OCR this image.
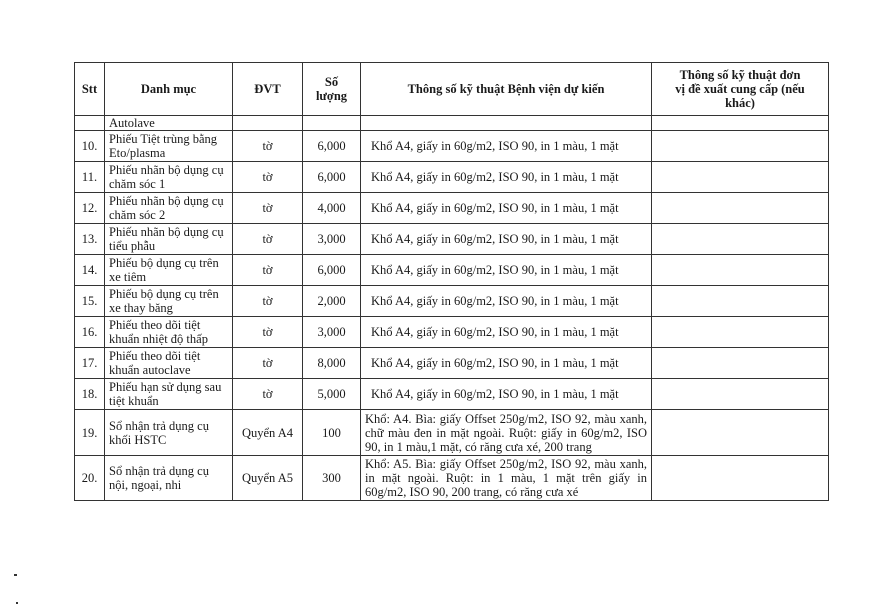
Stt	Danh mục	ĐVT	Số lượng	Thông số kỹ thuật Bệnh viện dự kiến	Thông số kỹ thuật đơn vị đề xuất cung cấp (nếu khác)
	Autolave				
10.	Phiếu Tiệt trùng bằng Eto/plasma	tờ	6,000	Khổ A4, giấy in 60g/m2, ISO 90, in 1 màu, 1 mặt	
11.	Phiếu nhãn bộ dụng cụ chăm sóc 1	tờ	6,000	Khổ A4, giấy in 60g/m2, ISO 90, in 1 màu, 1 mặt	
12.	Phiếu nhãn bộ dụng cụ chăm sóc 2	tờ	4,000	Khổ A4, giấy in 60g/m2, ISO 90, in 1 màu, 1 mặt	
13.	Phiếu nhãn bộ dụng cụ tiểu phẫu	tờ	3,000	Khổ A4, giấy in 60g/m2, ISO 90, in 1 màu, 1 mặt	
14.	Phiếu bộ dụng cụ trên xe tiêm	tờ	6,000	Khổ A4, giấy in 60g/m2, ISO 90, in 1 màu, 1 mặt	
15.	Phiếu bộ dụng cụ trên xe thay băng	tờ	2,000	Khổ A4, giấy in 60g/m2, ISO 90, in 1 màu, 1 mặt	
16.	Phiếu theo dõi tiệt khuẩn nhiệt độ thấp	tờ	3,000	Khổ A4, giấy in 60g/m2, ISO 90, in 1 màu, 1 mặt	
17.	Phiếu theo dõi tiệt khuẩn autoclave	tờ	8,000	Khổ A4, giấy in 60g/m2, ISO 90, in 1 màu, 1 mặt	
18.	Phiếu hạn sử dụng sau tiệt khuẩn	tờ	5,000	Khổ A4, giấy in 60g/m2, ISO 90, in 1 màu, 1 mặt	
19.	Sổ nhận trả dụng cụ khối HSTC	Quyển A4	100	Khổ: A4. Bìa: giấy Offset 250g/m2, ISO 92, màu xanh, chữ màu đen in mặt ngoài. Ruột: giấy in 60g/m2, ISO 90, in 1 màu,1 mặt, có răng cưa xé, 200 trang	
20.	Sổ nhận trả dụng cụ nội, ngoại, nhi	Quyển A5	300	Khổ: A5. Bìa: giấy Offset 250g/m2, ISO 92, màu xanh, in mặt ngoài. Ruột: in 1 màu, 1 mặt trên giấy in 60g/m2, ISO 90, 200 trang, có răng cưa xé	
